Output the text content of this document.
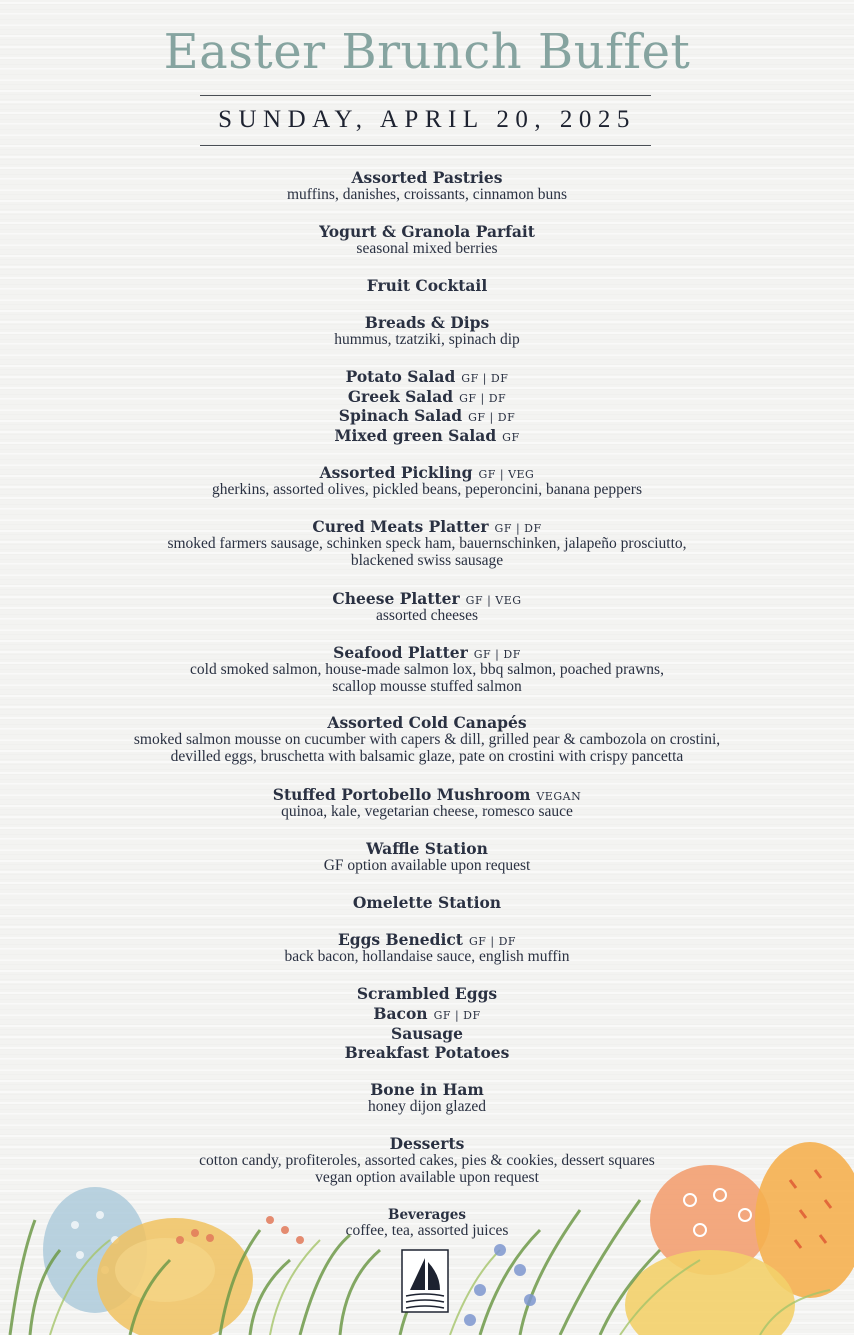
Easter Brunch Buffet
SUNDAY, APRIL 20, 2025
Assorted Pastries
muffins, danishes, croissants, cinnamon buns
Yogurt & Granola Parfait
seasonal mixed berries
Fruit Cocktail
Breads & Dips
hummus, tzatziki, spinach dip
Potato Salad GF | DF
Greek Salad GF | DF
Spinach Salad GF | DF
Mixed green Salad GF
Assorted Pickling GF | VEG
gherkins, assorted olives, pickled beans, peperoncini, banana peppers
Cured Meats Platter GF | DF
smoked farmers sausage, schinken speck ham, bauernschinken, jalapeño prosciutto,
blackened swiss sausage
Cheese Platter GF | VEG
assorted cheeses
Seafood Platter GF | DF
cold smoked salmon, house-made salmon lox, bbq salmon, poached prawns,
scallop mousse stuffed salmon
Assorted Cold Canapés
smoked salmon mousse on cucumber with capers & dill, grilled pear & cambozola on crostini,
devilled eggs, bruschetta with balsamic glaze, pate on crostini with crispy pancetta
Stuffed Portobello Mushroom VEGAN
quinoa, kale, vegetarian cheese, romesco sauce
Waffle Station
GF option available upon request
Omelette Station
Eggs Benedict GF | DF
back bacon, hollandaise sauce, english muffin
Scrambled Eggs
Bacon GF | DF
Sausage
Breakfast Potatoes
Bone in Ham
honey dijon glazed
Desserts
cotton candy, profiteroles, assorted cakes, pies & cookies, dessert squares
vegan option available upon request
Beverages
coffee, tea, assorted juices
